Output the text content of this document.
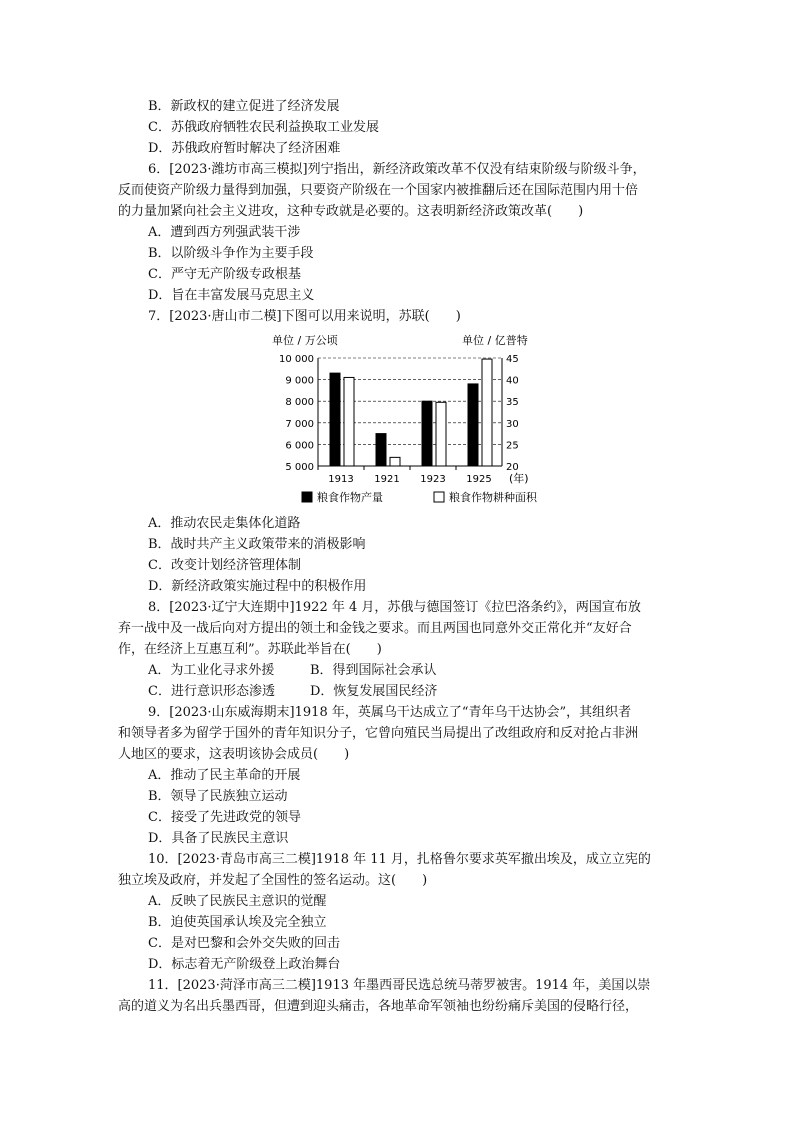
B．新政权的建立促进了经济发展
C．苏俄政府牺牲农民利益换取工业发展
D．苏俄政府暂时解决了经济困难
6．[2023·潍坊市高三模拟]列宁指出，新经济政策改革不仅没有结束阶级与阶级斗争，
反而使资产阶级力量得到加强，只要资产阶级在一个国家内被推翻后还在国际范围内用十倍
的力量加紧向社会主义进攻，这种专政就是必要的。这表明新经济政策改革(　　)
A．遭到西方列强武装干涉
B．以阶级斗争作为主要手段
C．严守无产阶级专政根基
D．旨在丰富发展马克思主义
7．[2023·唐山市二模]下图可以用来说明，苏联(　　)
单位 / 万公顷	单位 / 亿普特
10 000
9 000
8 000
7 000
6 000
5 000
45
40
35
30
25
20
1913 1921 1923 1925 (年)
粮食作物产量	粮食作物耕种面积
A．推动农民走集体化道路
B．战时共产主义政策带来的消极影响
C．改变计划经济管理体制
D．新经济政策实施过程中的积极作用
8．[2023·辽宁大连期中]1922 年 4 月，苏俄与德国签订《拉巴洛条约》，两国宣布放
弃一战中及一战后向对方提出的领土和金钱之要求。而且两国也同意外交正常化并“友好合
作，在经济上互惠互利”。苏联此举旨在(　　)
A．为工业化寻求外援	B．得到国际社会承认
C．进行意识形态渗透	D．恢复发展国民经济
9．[2023·山东威海期末]1918 年，英属乌干达成立了“青年乌干达协会”，其组织者
和领导者多为留学于国外的青年知识分子，它曾向殖民当局提出了改组政府和反对抢占非洲
人地区的要求，这表明该协会成员(　　)
A．推动了民主革命的开展
B．领导了民族独立运动
C．接受了先进政党的领导
D．具备了民族民主意识
10．[2023·青岛市高三二模]1918 年 11 月，扎格鲁尔要求英军撤出埃及，成立立宪的
独立埃及政府，并发起了全国性的签名运动。这(　　)
A．反映了民族民主意识的觉醒
B．迫使英国承认埃及完全独立
C．是对巴黎和会外交失败的回击
D．标志着无产阶级登上政治舞台
11．[2023·菏泽市高三二模]1913 年墨西哥民选总统马蒂罗被害。1914 年，美国以崇
高的道义为名出兵墨西哥，但遭到迎头痛击，各地革命军领袖也纷纷痛斥美国的侵略行径，
